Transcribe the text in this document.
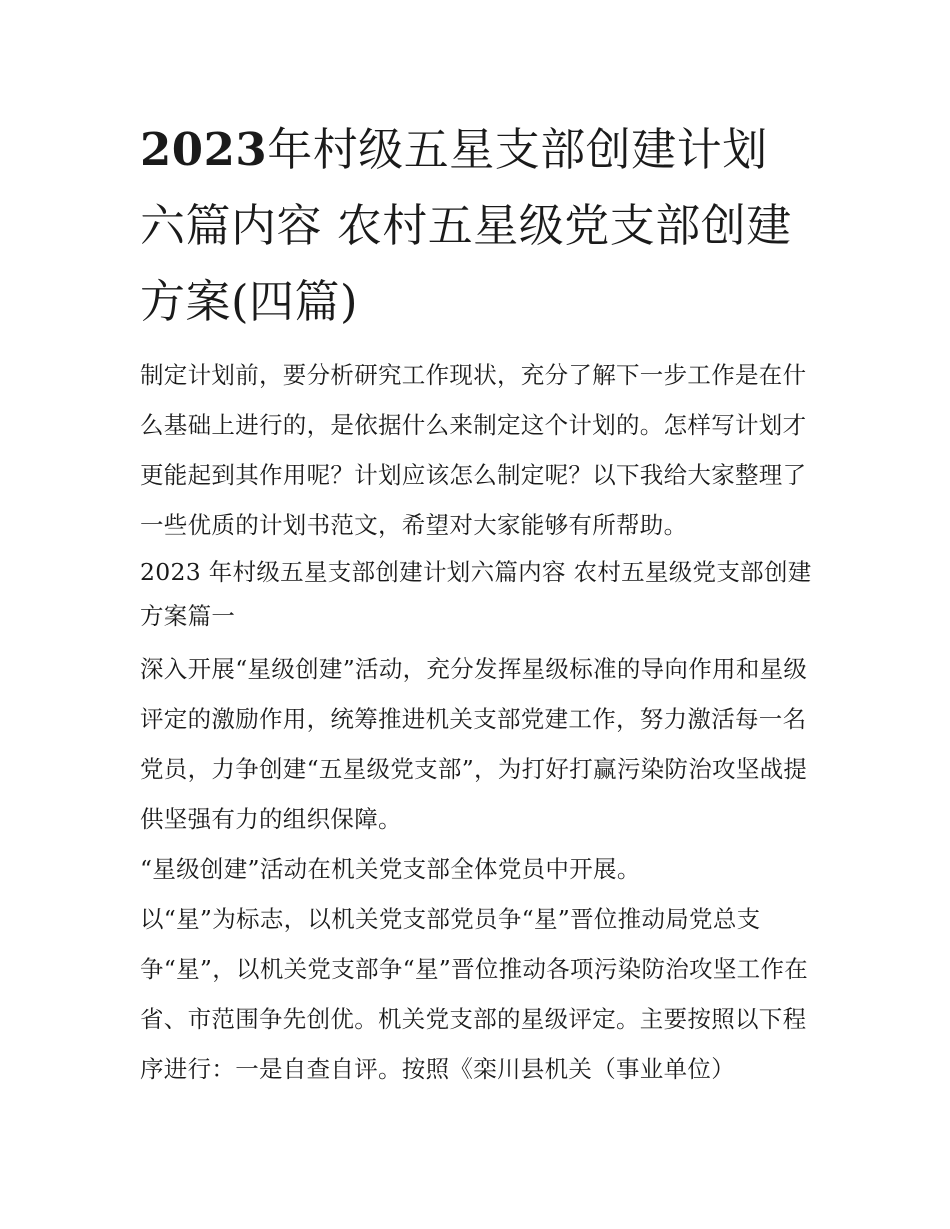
2023年村级五星支部创建计划六篇内容 农村五星级党支部创建方案(四篇)

制定计划前，要分析研究工作现状，充分了解下一步工作是在什么基础上进行的，是依据什么来制定这个计划的。怎样写计划才更能起到其作用呢？计划应该怎么制定呢？以下我给大家整理了一些优质的计划书范文，希望对大家能够有所帮助。

2023 年村级五星支部创建计划六篇内容 农村五星级党支部创建方案篇一

深入开展“星级创建”活动，充分发挥星级标准的导向作用和星级评定的激励作用，统筹推进机关支部党建工作，努力激活每一名党员，力争创建“五星级党支部”，为打好打赢污染防治攻坚战提供坚强有力的组织保障。

“星级创建”活动在机关党支部全体党员中开展。

以“星”为标志，以机关党支部党员争“星”晋位推动局党总支

争“星”，以机关党支部争“星”晋位推动各项污染防治攻坚工作在省、市范围争先创优。机关党支部的星级评定。主要按照以下程序进行：一是自查自评。按照《栾川县机关（事业单位）
